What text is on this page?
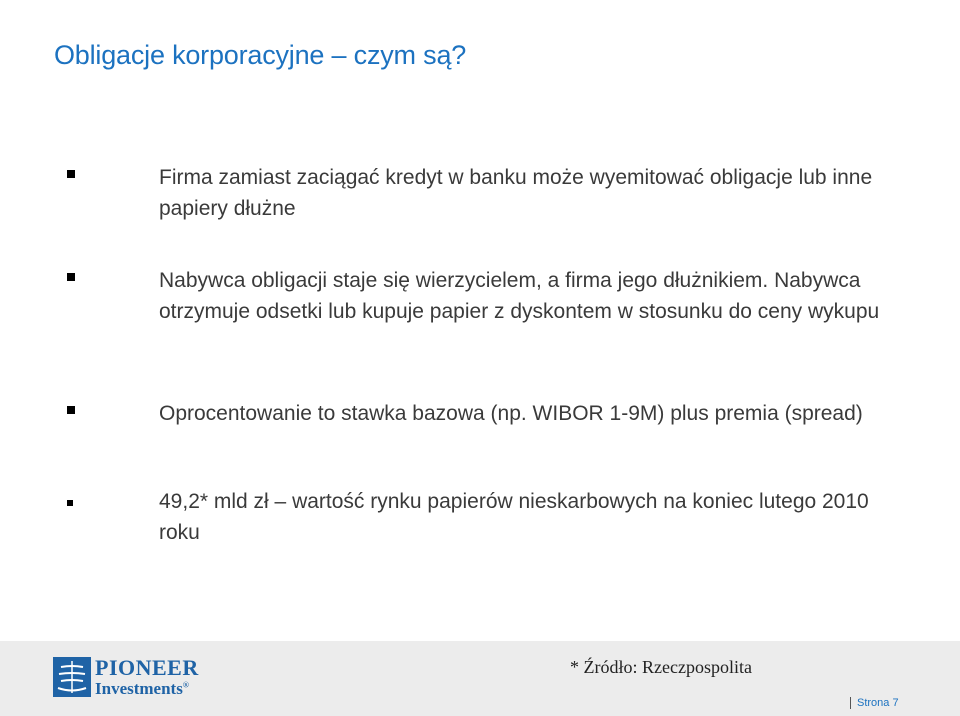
Obligacje korporacyjne – czym są?
Firma zamiast zaciągać kredyt w banku może wyemitować obligacje lub inne papiery dłużne
Nabywca obligacji staje się wierzycielem, a firma jego dłużnikiem. Nabywca otrzymuje odsetki lub kupuje papier z dyskontem w stosunku do ceny wykupu
Oprocentowanie to stawka bazowa (np. WIBOR 1-9M) plus premia (spread)
49,2* mld zł – wartość rynku papierów nieskarbowych na koniec lutego 2010 roku
PIONEER
Investments®
* Źródło: Rzeczpospolita
Strona 7
